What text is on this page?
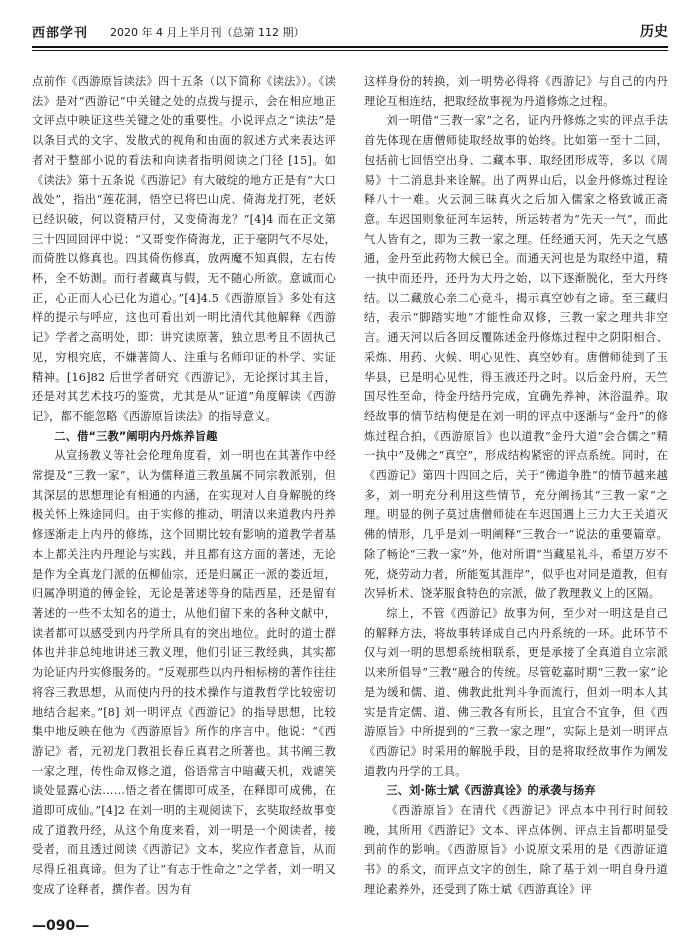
西部学刊 2020 年 4 月上半月刊（总第 112 期）	历史

点前作《西游原旨读法》四十五条（以下简称《读法》）。《读法》是对“西游记”中关键之处的点拨与提示，会在相应地正文评点中映证这些关键之处的重要性。小说评点之“读法”是以条目式的文字、发散式的视角和由面的叙述方式来表达评者对于整部小说的看法和向读者指明阅读之门径 [15]。如《读法》第十五条说《西游记》有大破绽的地方正是有“大口战处”，指出“莲花洞，悟空已将巴山虎、倚海龙打死，老妖已经识破，何以资精戸付，又变倚海龙？”[4]4 而在正文第三十四回回评中说：“又哥变作倚海龙，正于毫阴气不尽处，而倚胜以修真也。四其倚伤修真，放两魔不知真假，左右传杯，全不妨测。而行者藏真与假，无不随心所欲。意诚而心正，心正而人心已化为道心。”[4]4.5《西游原旨》多处有这样的提示与呼应，这也可看出刘一明比清代其他解释《西游记》学者之高明处，即：讲究读原著，独立思考且不固执己见，穷根究底，不嫌著简人、注重与名师印证的朴学、实证精神。[16]82 后世学者研究《西游记》，无论探讨其主旨，还是对其艺术技巧的鉴赏，尤其是从“证道”角度解读《西游记》，都不能忽略《西游原旨读法》的指导意义。

二、借“三教”阐明内丹炼养旨趣

从宣扬教义等社会伦理角度看，刘一明也在其著作中经常提及“三教一家”，认为儒释道三教虽属不同宗教派别，但其深层的思想理论有相通的内涵，在实现对人自身解脱的终极关怀上殊途同归。由于实修的推动，明清以来道教内丹养修逐渐走上内丹的修练，这个回期比较有影响的道教学者基本上都关注内丹理论与实践，并且都有这方面的著述，无论是作为全真龙门派的伍柳仙宗，还是归属正一派的娄近垣，归属净明道的傅金铨，无论是著述等身的陆西星，还是留有著述的一些不太知名的道士，从他们留下来的各种文献中，读者都可以感受到内丹学所具有的突出地位。此时的道士群体也并非总纯地讲述三教义理，他们引证三教经典，其实都为论证内丹实修服务的。“反观那些以内丹相标榜的著作往往将容三教思想，从而使内丹的技术操作与道教哲学比较密切地结合起来。”[8] 刘一明评点《西游记》的指导思想，比较集中地反映在他为《西游原旨》所作的序言中。他说：“《西游记》者，元初龙门教祖长春丘真君之所著也。其书阐三教一家之理，传性命双修之道，俗语常言中暗藏天机，戏谑笑谈处显露心法……悟之者在儒即可成圣，在释即可成佛，在道即可成仙。”[4]2 在刘一明的主观阅读下，玄奘取经故事变成了道教丹经，从这个角度来看，刘一明是一个阅读者，接受者，而且透过阅读《西游记》文本，奖应作者意旨，从而尽得丘祖真谛。但为了让“有志于性命之”之学者，刘一明又变成了诠释者，撰作者。因为有

这样身份的转换，刘一明势必得将《西游记》与自己的内丹理论互相连结，把取经故事视为丹道修炼之过程。

刘一明借“三教一家”之名，证内丹修炼之实的评点手法首先体现在唐僧师徒取经故事的始终。比如第一至十二回，包括前七回悟空出身、二藏本事、取经团形成等，多以《周易》十二消息卦来诠解。出了两界山后，以金丹修炼过程诠释八十一难。火云洞三昧真火之后加入儒家之格致诚正斋意。车迟国则象征河车运转，所运转者为“先天一气”，而此气人皆有之，即为三教一家之理。任经通天河，先天之气感通，金丹至此药物大候已全。而通天河也是为取经中道，精一执中而还丹，还丹为大丹之始，以下逐渐脱化，至大丹终结。以二藏放心亲二心竞斗，揭示真空妙有之谛。至三藏归结，表示“脚踏实地”才能性命双修，三教一家之理共非空言。通天河以后各回反覆陈述金丹修炼过程中之阴阳相合、采炼、用药、火候、明心见性、真空妙有。唐僧师徒到了玉华县，已是明心见性，得玉液还丹之时。以后金丹府，天竺国尽性至命，待金丹结丹完成，宜确先养神，沐浴温养。取经故事的情节结构便是在刘一明的评点中逐渐与“金丹”的修炼过程合拍，《西游原旨》也以道教“金丹大道”会合儒之“精一执中”及佛之“真空”，形成结构紧密的评点系统。同时，在《西游记》第四十四回之后，关于“佛道争胜”的情节越来越多，刘一明充分利用这些情节，充分阐扬其“三教一家”之理。明显的例子莫过唐僧师徒在车迟国遇上三力大王关道灭佛的情形，几乎是刘一明阐释“三教合一”说法的重要篇章。除了畅论“三教一家”外，他对所谓“当藏星礼斗，希望万岁不死，烧劳动力者，所能冤其涯岸”，似乎也对同是道教，但有次异析术、饶茅服食特色的宗派，做了教理教义上的区隔。

综上，不管《西游记》故事为何，至少对一明这是自己的解释方法，将故事转译成自己内丹系统的一环。此环节不仅与刘一明的思想系统相联系，更是承接了全真道自立宗派以来所倡导“三教”融合的传统。尽管乾嘉时期“三教一家”论是为缓和儒、道、佛教此批判斗争而流行，但刘一明本人其实是肯定儒、道、佛三教各有所长，且宜合不宜争，但《西游原旨》中所提到的“三教一家之理”，实际上是刘一明评点《西游记》时采用的解脱手段，目的是将取经故事作为阐发道教内丹学的工具。

三、刘·陈士斌《西游真诠》的承袭与扬弃

《西游原旨》在清代《西游记》评点本中刊行时间较晚，其所用《西游记》文本、评点体例、评点主旨都明显受到前作的影响。《西游原旨》小说原文采用的是《西游证道书》的系文，而评点文字的创生，除了基于刘一明自身丹道理论素养外，还受到了陈士斌《西游真诠》评

—090—
